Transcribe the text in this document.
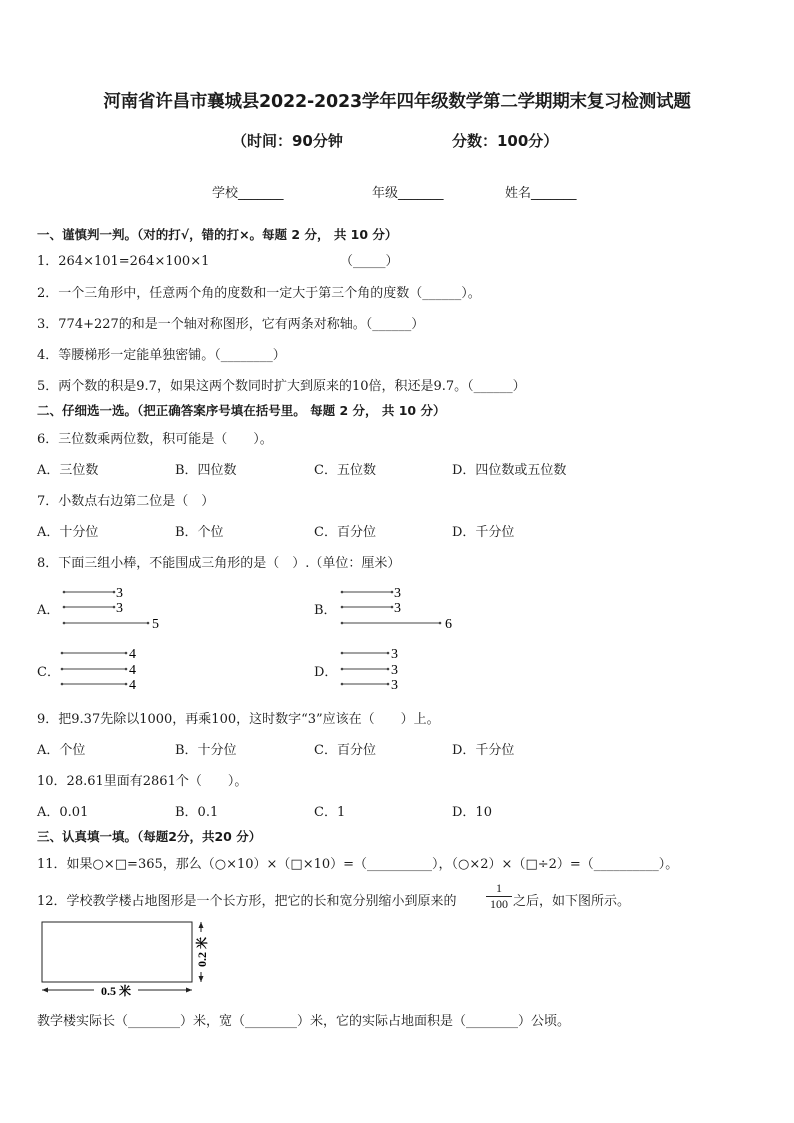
河南省许昌市襄城县2022-2023学年四年级数学第二学期期末复习检测试题
（时间：90分钟	分数：100分）
学校_______	年级_______	姓名_______
一、谨慎判一判。（对的打√，错的打×。每题 2 分， 共 10 分）
1．264×101=264×100×1	（_____）
2．一个三角形中，任意两个角的度数和一定大于第三个角的度数（______）。
3．774+227的和是一个轴对称图形，它有两条对称轴。（______）
4．等腰梯形一定能单独密铺。（________）
5．两个数的积是9.7，如果这两个数同时扩大到原来的10倍，积还是9.7。（______）
二、仔细选一选。（把正确答案序号填在括号里。 每题 2 分， 共 10 分）
6．三位数乘两位数，积可能是（　　）。
A．三位数	B．四位数	C．五位数	D．四位数或五位数
7．小数点右边第二位是（　）
A．十分位	B．个位	C．百分位	D．千分位
8．下面三组小棒，不能围成三角形的是（　）.（单位：厘米）
A．	B．
C．	D．
3
3
5
3
3
6
4
4
4
3
3
3
9．把9.37先除以1000，再乘100，这时数字“3”应该在（　　）上。
A．个位	B．十分位	C．百分位	D．千分位
10．28.61里面有2861个（　　）。
A．0.01	B．0.1	C．1	D．10
三、认真填一填。（每题2分，共20 分）
11．如果○×□=365，那么（○×10）×（□×10）=（__________），（○×2）×（□÷2）=（__________）。
12．学校教学楼占地图形是一个长方形，把它的长和宽分别缩小到原来的
1
100 之后，如下图所示。
0.5 米
0.2 米
教学楼实际长（________）米，宽（________）米，它的实际占地面积是（________）公顷。
